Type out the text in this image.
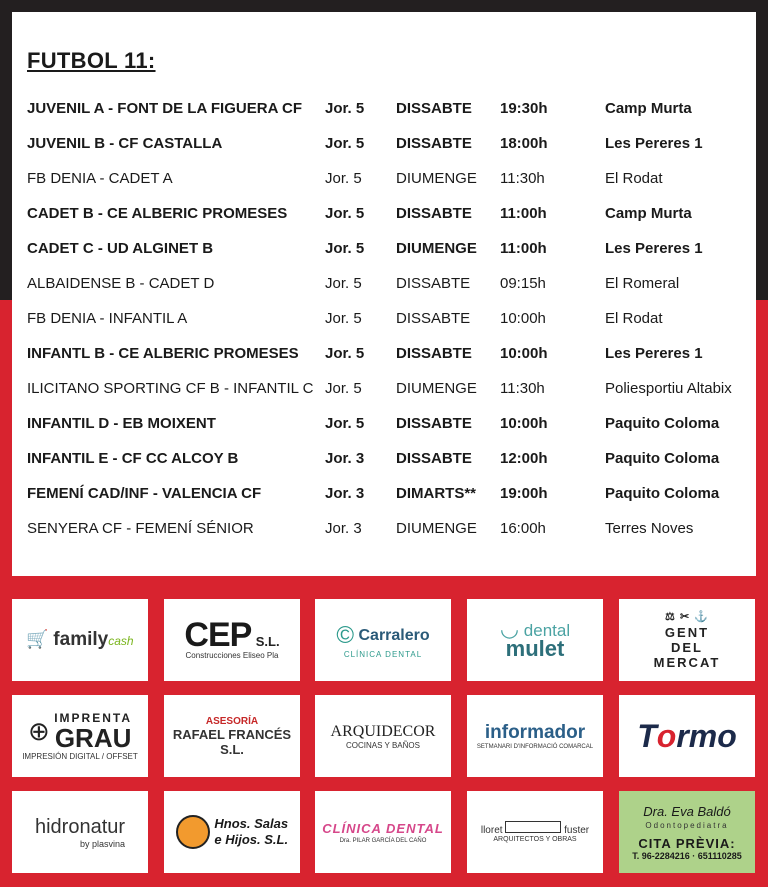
FUTBOL 11:
JUVENIL A - FONT DE LA FIGUERA CF Jor. 5 DISSABTE 19:30h	Camp Murta
JUVENIL B - CF CASTALLA	Jor. 5 DISSABTE 18:00h	Les Pereres 1
FB DENIA - CADET A	Jor. 5 DIUMENGE 11:30h	El Rodat
CADET B - CE ALBERIC PROMESES	Jor. 5 DISSABTE 11:00h	Camp Murta
CADET C - UD ALGINET B	Jor. 5 DIUMENGE 11:00h	Les Pereres 1
ALBAIDENSE B - CADET D	Jor. 5 DISSABTE 09:15h	El Romeral
FB DENIA - INFANTIL A	Jor. 5 DISSABTE 10:00h	El Rodat
INFANTL B - CE ALBERIC PROMESES Jor. 5 DISSABTE 10:00h	Les Pereres 1
ILICITANO SPORTING CF B - INFANTIL C Jor. 5 DIUMENGE 11:30h	Poliesportiu Altabix
INFANTIL D - EB MOIXENT	Jor. 5 DISSABTE 10:00h	Paquito Coloma
INFANTIL E - CF CC ALCOY B	Jor. 3 DISSABTE 12:00h	Paquito Coloma
FEMENÍ CAD/INF - VALENCIA CF	Jor. 3 DIMARTS** 19:00h	Paquito Coloma
SENYERA CF - FEMENÍ SÉNIOR	Jor. 3 DIUMENGE 16:00h	Terres Noves
🛒 familycash CEP S.L.
Construcciones Eliseo Pla
© Carralero
CLÍNICA DENTAL
◡ dental
mulet
⚖ ✂ ⚓
GENT
DEL
MERCAT
⊕ IMPRENTA
GRAU
IMPRESIÓN DIGITAL / OFFSET
ASESORÍA
RAFAEL FRANCÉS S.L.
ARQUIDECOR
COCINAS Y BAÑOS
informador
SETMANARI D'INFORMACIÓ COMARCAL Tormo
hidronatur
by plasvina
Hnos. Salas
e Hijos. S.L.
CLÍNICA DENTAL
Dra. PILAR GARCÍA DEL CAÑO
lloret	fuster
ARQUITECTOS Y OBRAS
Dra. Eva Baldó
Odontopediatra
CITA PRÈVIA:
T. 96-2284216 · 651110285
